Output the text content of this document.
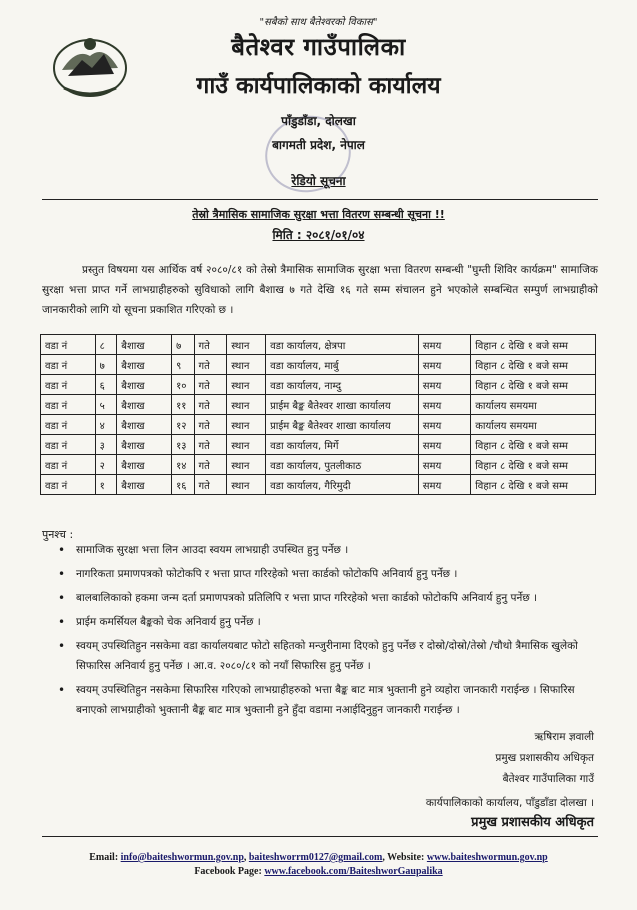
"सबैको साथ बैतेश्वरको विकास"
बैतेश्वर गाउँपालिका
गाउँ कार्यपालिकाको कार्यालय
पाँडुडाँडा, दोलखा
बागमती प्रदेश, नेपाल
रेडियो सूचना
तेस्रो त्रैमासिक सामाजिक सुरक्षा भत्ता वितरण सम्बन्धी सूचना !!
मिति : २०८१/०१/०४
प्रस्तुत विषयमा यस आर्थिक वर्ष २०८०/८१ को तेस्रो त्रैमासिक सामाजिक सुरक्षा भत्ता वितरण सम्बन्धी "घुम्ती शिविर कार्यक्रम" सामाजिक सुरक्षा भत्ता प्राप्त गर्ने लाभग्राहीहरुको सुविधाको लागि बैशाख ७ गते देखि १६ गते सम्म संचालन हुने भएकोले सम्बन्धित सम्पुर्ण लाभग्राहीको जानकारीको लागि यो सूचना प्रकाशित गरिएको छ ।
वडा नं	८	बैशाख	७	गते	स्थान	वडा कार्यालय, क्षेत्रपा	समय	विहान ८ देखि १ बजे सम्म
वडा नं	७	बैशाख	९	गते	स्थान	वडा कार्यालय, मार्बु	समय	विहान ८ देखि १ बजे सम्म
वडा नं	६	बैशाख	१०	गते	स्थान	वडा कार्यालय, नाम्दु	समय	विहान ८ देखि १ बजे सम्म
वडा नं	५	बैशाख	११	गते	स्थान	प्राईम बैङ्क बैतेश्वर शाखा कार्यालय	समय	कार्यालय समयमा
वडा नं	४	बैशाख	१२	गते	स्थान	प्राईम बैङ्क बैतेश्वर शाखा कार्यालय	समय	कार्यालय समयमा
वडा नं	३	बैशाख	१३	गते	स्थान	वडा कार्यालय, मिर्गे	समय	विहान ८ देखि १ बजे सम्म
वडा नं	२	बैशाख	१४	गते	स्थान	वडा कार्यालय, पुतलीकाठ	समय	विहान ८ देखि १ बजे सम्म
वडा नं	१	बैशाख	१६	गते	स्थान	वडा कार्यालय, गैरिमुदी	समय	विहान ८ देखि १ बजे सम्म
पुनश्च :
• सामाजिक सुरक्षा भत्ता लिन आउदा स्वयम लाभग्राही उपस्थित हुनु पर्नेछ ।
• नागरिकता प्रमाणपत्रको फोटोकपि र भत्ता प्राप्त गरिरहेको भत्ता कार्डको फोटोकपि अनिवार्य हुनु पर्नेछ ।
• बालबालिकाको हकमा जन्म दर्ता प्रमाणपत्रको प्रतिलिपि र भत्ता प्राप्त गरिरहेको भत्ता कार्डको फोटोकपि अनिवार्य हुनु पर्नेछ ।
• प्राईम कमर्सियल बैङ्कको चेक अनिवार्य हुनु पर्नेछ ।
• स्वयम् उपस्थितिहुन नसकेमा वडा कार्यालयबाट फोटो सहितको मन्जुरीनामा दिएको हुनु पर्नेछ र दोस्रो/दोस्रो/तेस्रो /चौथो त्रैमासिक खुलेको सिफारिस अनिवार्य हुनु पर्नेछ । आ.व. २०८०/८१ को नयाँ सिफारिस हुनु पर्नेछ ।
• स्वयम् उपस्थितिहुन नसकेमा सिफारिस गरिएको लाभग्राहीहरुको भत्ता बैङ्क बाट मात्र भुक्तानी हुने व्यहोरा जानकारी गराईन्छ । सिफारिस बनाएको लाभग्राहीको भुक्तानी बैङ्क बाट मात्र भुक्तानी हुने हुँदा वडामा नआईदिनुहुन जानकारी गराईन्छ ।
ऋषिराम ज्ञवाली
प्रमुख प्रशासकीय अधिकृत
बैतेश्वर गाउँपालिका गाउँ
कार्यपालिकाको कार्यालय, पाँडुडाँडा दोलखा ।
प्रमुख प्रशासकीय अधिकृत
Email: info@baiteshwormun.gov.np, baiteshworrm0127@gmail.com, Website: www.baiteshwormun.gov.np
Facebook Page: www.facebook.com/BaiteshworGaupalika
